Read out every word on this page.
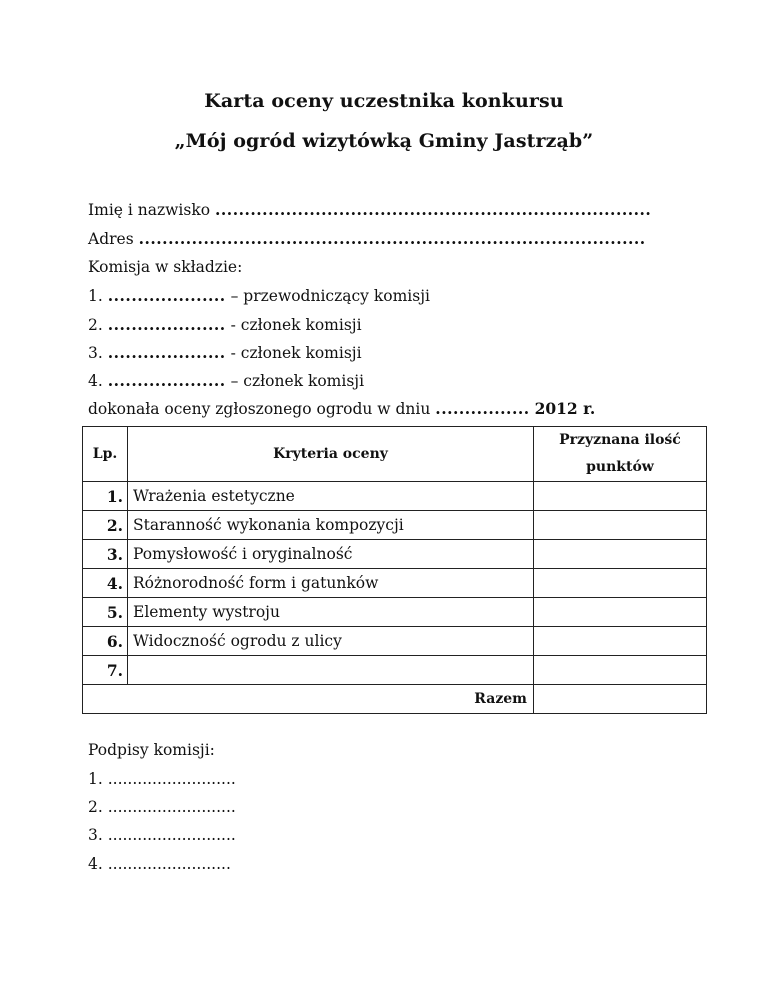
Karta oceny uczestnika konkursu
„Mój ogród wizytówką Gminy Jastrząb”
Imię i nazwisko ..........................................................................
Adres ......................................................................................
Komisja w składzie:
1. .................... – przewodniczący komisji
2. .................... - członek komisji
3. .................... - członek komisji
4. .................... – członek komisji
dokonała oceny zgłoszonego ogrodu w dniu ................ 2012 r.
Lp.	Kryteria oceny	Przyznana ilość
punktów

1.	Wrażenia estetyczne	
2.	Staranność wykonania kompozycji	
3.	Pomysłowość i oryginalność	
4.	Różnorodność form i gatunków	
5.	Elementy wystroju	
6.	Widoczność ogrodu z ulicy	
7.		
Razem		
Podpisy komisji:
1. ..........................
2. ..........................
3. ..........................
4. .........................
